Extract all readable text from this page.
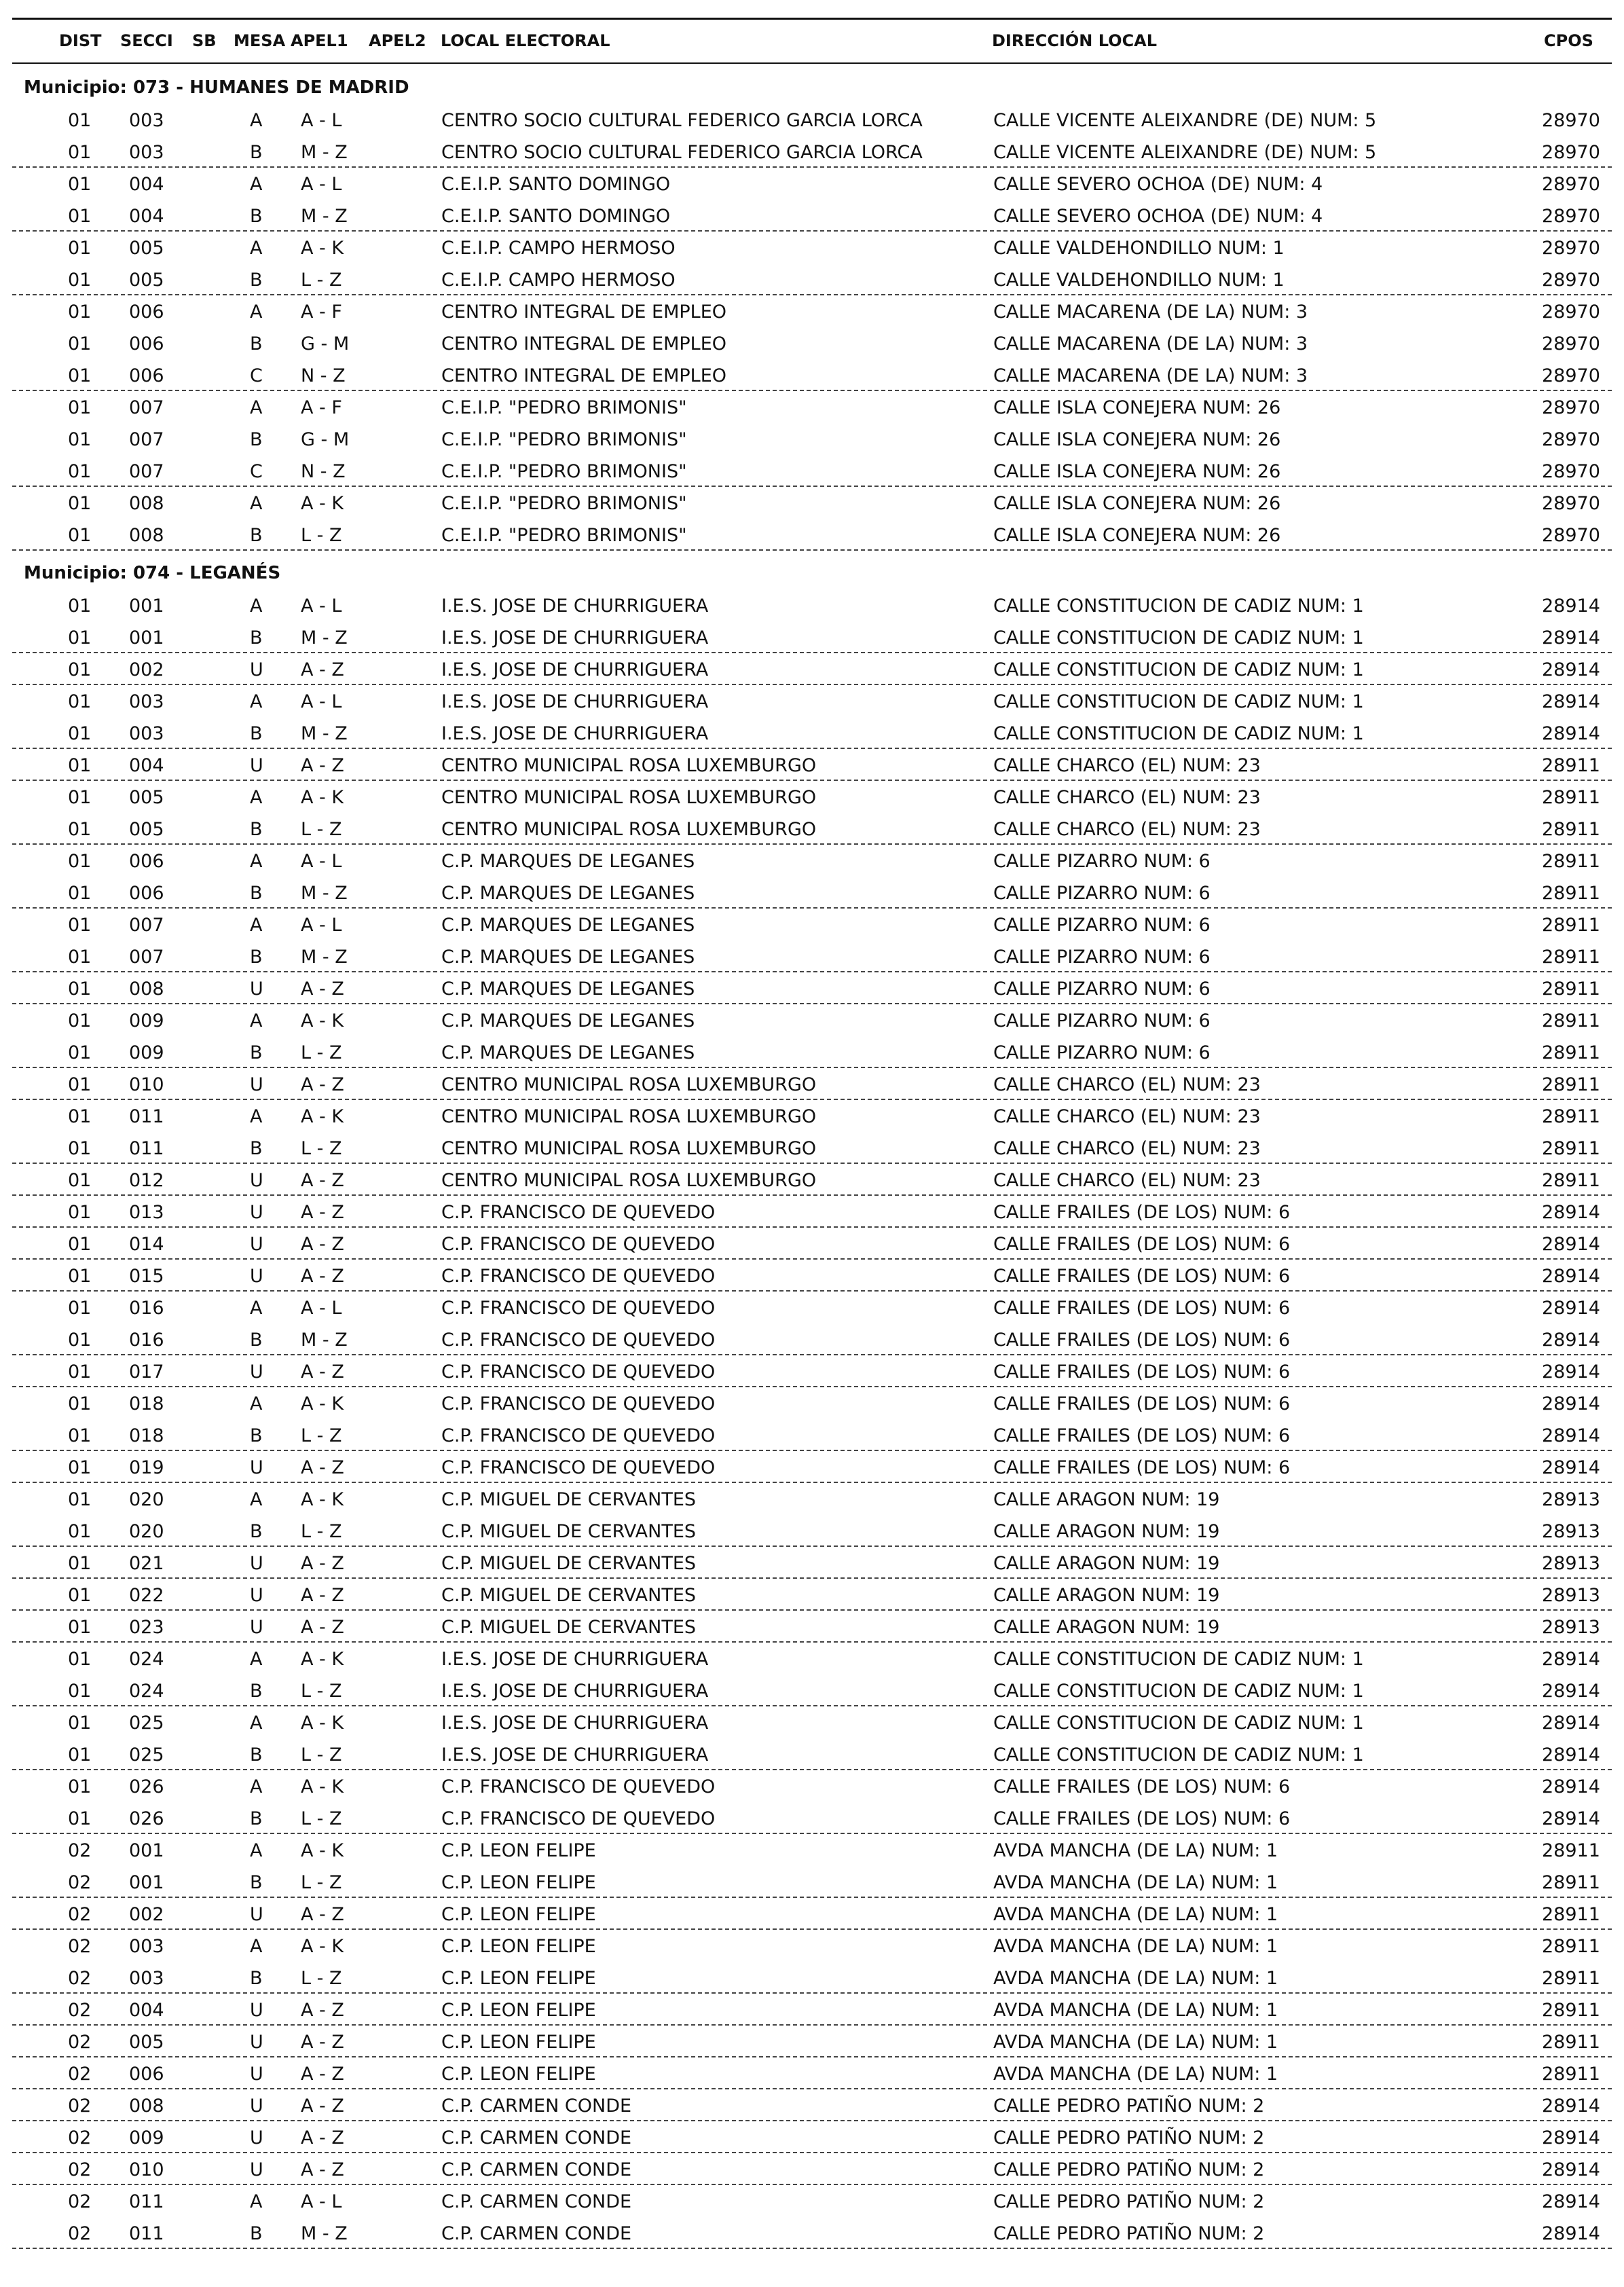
DIST SECCI SB MESA APEL1 APEL2 LOCAL ELECTORAL	DIRECCIÓN LOCAL	CPOS
Municipio: 073 - HUMANES DE MADRID
01 003	A A - L	CENTRO SOCIO CULTURAL FEDERICO GARCIA LORCA	CALLE VICENTE ALEIXANDRE (DE) NUM: 5	28970
01 003	B M - Z	CENTRO SOCIO CULTURAL FEDERICO GARCIA LORCA	CALLE VICENTE ALEIXANDRE (DE) NUM: 5	28970
01 004	A A - L	C.E.I.P. SANTO DOMINGO	CALLE SEVERO OCHOA (DE) NUM: 4	28970
01 004	B M - Z	C.E.I.P. SANTO DOMINGO	CALLE SEVERO OCHOA (DE) NUM: 4	28970
01 005	A A - K	C.E.I.P. CAMPO HERMOSO	CALLE VALDEHONDILLO NUM: 1	28970
01 005	B L - Z	C.E.I.P. CAMPO HERMOSO	CALLE VALDEHONDILLO NUM: 1	28970
01 006	A A - F	CENTRO INTEGRAL DE EMPLEO	CALLE MACARENA (DE LA) NUM: 3	28970
01 006	B G - M	CENTRO INTEGRAL DE EMPLEO	CALLE MACARENA (DE LA) NUM: 3	28970
01 006	C N - Z	CENTRO INTEGRAL DE EMPLEO	CALLE MACARENA (DE LA) NUM: 3	28970
01 007	A A - F	C.E.I.P. "PEDRO BRIMONIS"	CALLE ISLA CONEJERA NUM: 26	28970
01 007	B G - M	C.E.I.P. "PEDRO BRIMONIS"	CALLE ISLA CONEJERA NUM: 26	28970
01 007	C N - Z	C.E.I.P. "PEDRO BRIMONIS"	CALLE ISLA CONEJERA NUM: 26	28970
01 008	A A - K	C.E.I.P. "PEDRO BRIMONIS"	CALLE ISLA CONEJERA NUM: 26	28970
01 008	B L - Z	C.E.I.P. "PEDRO BRIMONIS"	CALLE ISLA CONEJERA NUM: 26	28970
Municipio: 074 - LEGANÉS
01 001	A A - L	I.E.S. JOSE DE CHURRIGUERA	CALLE CONSTITUCION DE CADIZ NUM: 1	28914
01 001	B M - Z	I.E.S. JOSE DE CHURRIGUERA	CALLE CONSTITUCION DE CADIZ NUM: 1	28914
01 002	U A - Z	I.E.S. JOSE DE CHURRIGUERA	CALLE CONSTITUCION DE CADIZ NUM: 1	28914
01 003	A A - L	I.E.S. JOSE DE CHURRIGUERA	CALLE CONSTITUCION DE CADIZ NUM: 1	28914
01 003	B M - Z	I.E.S. JOSE DE CHURRIGUERA	CALLE CONSTITUCION DE CADIZ NUM: 1	28914
01 004	U A - Z	CENTRO MUNICIPAL ROSA LUXEMBURGO	CALLE CHARCO (EL) NUM: 23	28911
01 005	A A - K	CENTRO MUNICIPAL ROSA LUXEMBURGO	CALLE CHARCO (EL) NUM: 23	28911
01 005	B L - Z	CENTRO MUNICIPAL ROSA LUXEMBURGO	CALLE CHARCO (EL) NUM: 23	28911
01 006	A A - L	C.P. MARQUES DE LEGANES	CALLE PIZARRO NUM: 6	28911
01 006	B M - Z	C.P. MARQUES DE LEGANES	CALLE PIZARRO NUM: 6	28911
01 007	A A - L	C.P. MARQUES DE LEGANES	CALLE PIZARRO NUM: 6	28911
01 007	B M - Z	C.P. MARQUES DE LEGANES	CALLE PIZARRO NUM: 6	28911
01 008	U A - Z	C.P. MARQUES DE LEGANES	CALLE PIZARRO NUM: 6	28911
01 009	A A - K	C.P. MARQUES DE LEGANES	CALLE PIZARRO NUM: 6	28911
01 009	B L - Z	C.P. MARQUES DE LEGANES	CALLE PIZARRO NUM: 6	28911
01 010	U A - Z	CENTRO MUNICIPAL ROSA LUXEMBURGO	CALLE CHARCO (EL) NUM: 23	28911
01 011	A A - K	CENTRO MUNICIPAL ROSA LUXEMBURGO	CALLE CHARCO (EL) NUM: 23	28911
01 011	B L - Z	CENTRO MUNICIPAL ROSA LUXEMBURGO	CALLE CHARCO (EL) NUM: 23	28911
01 012	U A - Z	CENTRO MUNICIPAL ROSA LUXEMBURGO	CALLE CHARCO (EL) NUM: 23	28911
01 013	U A - Z	C.P. FRANCISCO DE QUEVEDO	CALLE FRAILES (DE LOS) NUM: 6	28914
01 014	U A - Z	C.P. FRANCISCO DE QUEVEDO	CALLE FRAILES (DE LOS) NUM: 6	28914
01 015	U A - Z	C.P. FRANCISCO DE QUEVEDO	CALLE FRAILES (DE LOS) NUM: 6	28914
01 016	A A - L	C.P. FRANCISCO DE QUEVEDO	CALLE FRAILES (DE LOS) NUM: 6	28914
01 016	B M - Z	C.P. FRANCISCO DE QUEVEDO	CALLE FRAILES (DE LOS) NUM: 6	28914
01 017	U A - Z	C.P. FRANCISCO DE QUEVEDO	CALLE FRAILES (DE LOS) NUM: 6	28914
01 018	A A - K	C.P. FRANCISCO DE QUEVEDO	CALLE FRAILES (DE LOS) NUM: 6	28914
01 018	B L - Z	C.P. FRANCISCO DE QUEVEDO	CALLE FRAILES (DE LOS) NUM: 6	28914
01 019	U A - Z	C.P. FRANCISCO DE QUEVEDO	CALLE FRAILES (DE LOS) NUM: 6	28914
01 020	A A - K	C.P. MIGUEL DE CERVANTES	CALLE ARAGON NUM: 19	28913
01 020	B L - Z	C.P. MIGUEL DE CERVANTES	CALLE ARAGON NUM: 19	28913
01 021	U A - Z	C.P. MIGUEL DE CERVANTES	CALLE ARAGON NUM: 19	28913
01 022	U A - Z	C.P. MIGUEL DE CERVANTES	CALLE ARAGON NUM: 19	28913
01 023	U A - Z	C.P. MIGUEL DE CERVANTES	CALLE ARAGON NUM: 19	28913
01 024	A A - K	I.E.S. JOSE DE CHURRIGUERA	CALLE CONSTITUCION DE CADIZ NUM: 1	28914
01 024	B L - Z	I.E.S. JOSE DE CHURRIGUERA	CALLE CONSTITUCION DE CADIZ NUM: 1	28914
01 025	A A - K	I.E.S. JOSE DE CHURRIGUERA	CALLE CONSTITUCION DE CADIZ NUM: 1	28914
01 025	B L - Z	I.E.S. JOSE DE CHURRIGUERA	CALLE CONSTITUCION DE CADIZ NUM: 1	28914
01 026	A A - K	C.P. FRANCISCO DE QUEVEDO	CALLE FRAILES (DE LOS) NUM: 6	28914
01 026	B L - Z	C.P. FRANCISCO DE QUEVEDO	CALLE FRAILES (DE LOS) NUM: 6	28914
02 001	A A - K	C.P. LEON FELIPE	AVDA MANCHA (DE LA) NUM: 1	28911
02 001	B L - Z	C.P. LEON FELIPE	AVDA MANCHA (DE LA) NUM: 1	28911
02 002	U A - Z	C.P. LEON FELIPE	AVDA MANCHA (DE LA) NUM: 1	28911
02 003	A A - K	C.P. LEON FELIPE	AVDA MANCHA (DE LA) NUM: 1	28911
02 003	B L - Z	C.P. LEON FELIPE	AVDA MANCHA (DE LA) NUM: 1	28911
02 004	U A - Z	C.P. LEON FELIPE	AVDA MANCHA (DE LA) NUM: 1	28911
02 005	U A - Z	C.P. LEON FELIPE	AVDA MANCHA (DE LA) NUM: 1	28911
02 006	U A - Z	C.P. LEON FELIPE	AVDA MANCHA (DE LA) NUM: 1	28911
02 008	U A - Z	C.P. CARMEN CONDE	CALLE PEDRO PATIÑO NUM: 2	28914
02 009	U A - Z	C.P. CARMEN CONDE	CALLE PEDRO PATIÑO NUM: 2	28914
02 010	U A - Z	C.P. CARMEN CONDE	CALLE PEDRO PATIÑO NUM: 2	28914
02 011	A A - L	C.P. CARMEN CONDE	CALLE PEDRO PATIÑO NUM: 2	28914
02 011	B M - Z	C.P. CARMEN CONDE	CALLE PEDRO PATIÑO NUM: 2	28914
